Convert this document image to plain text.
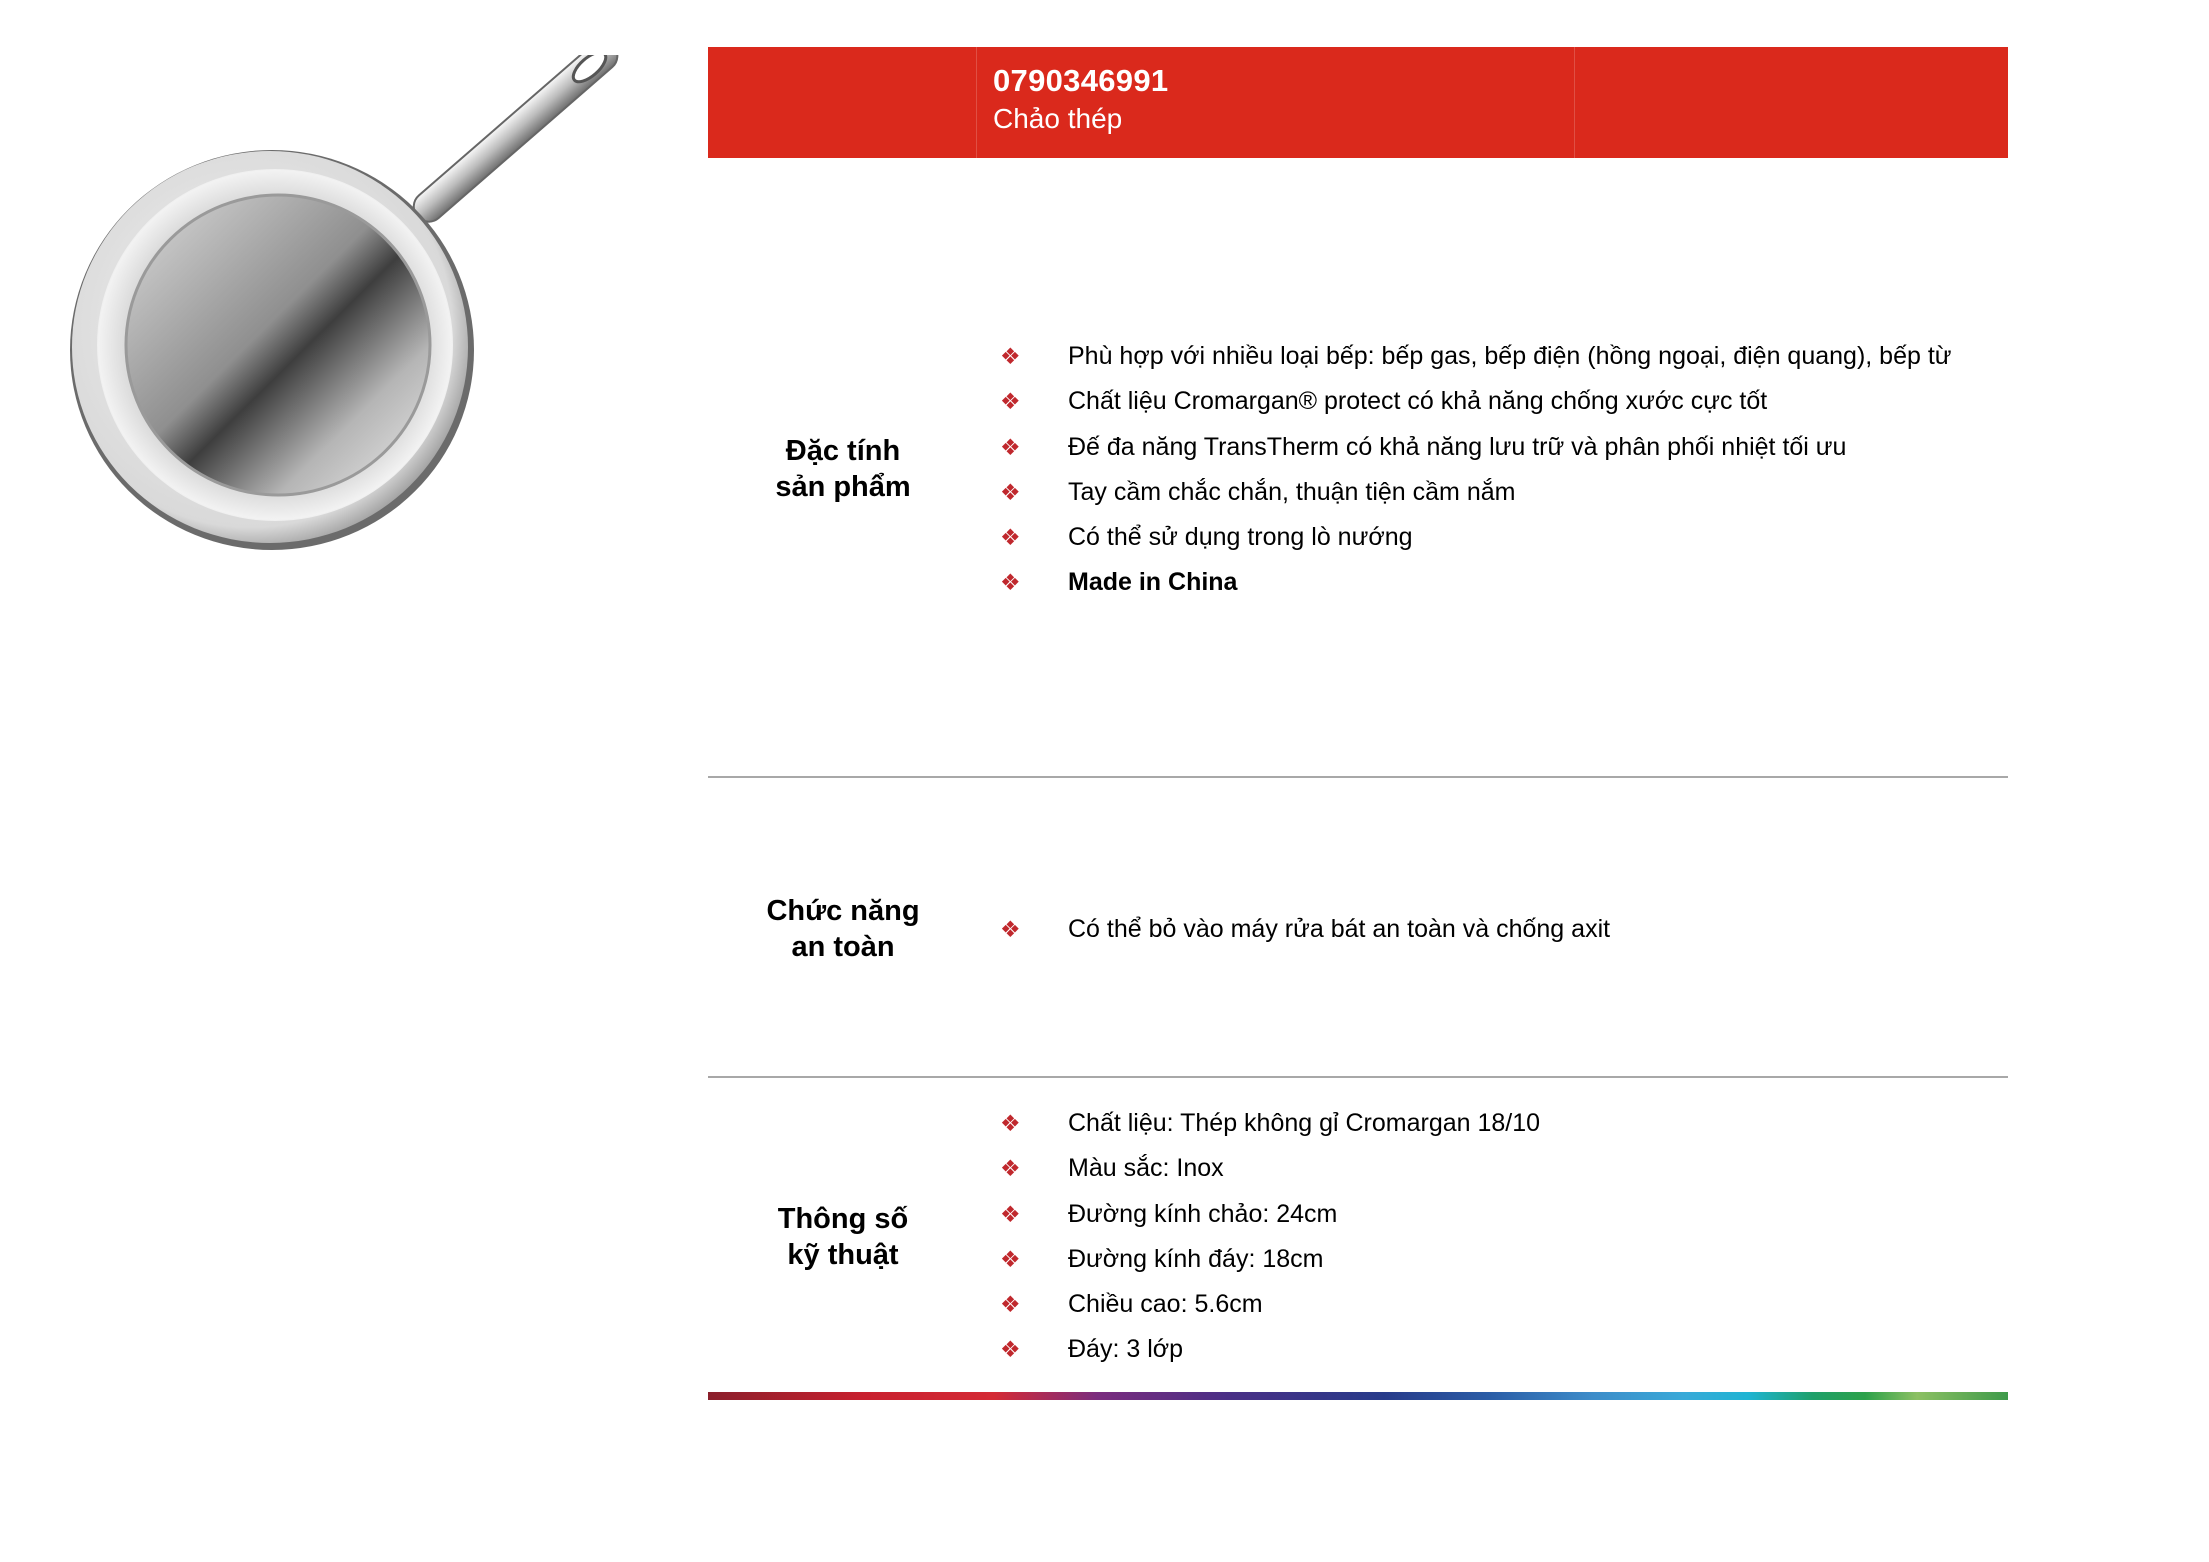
0790346991
Chảo thép
Đặc tính
sản phẩm
❖ Phù hợp với nhiều loại bếp: bếp gas, bếp điện (hồng ngoại, điện quang), bếp từ
❖ Chất liệu Cromargan® protect có khả năng chống xước cực tốt
❖ Đế đa năng TransTherm có khả năng lưu trữ và phân phối nhiệt tối ưu
❖ Tay cầm chắc chắn, thuận tiện cầm nắm
❖ Có thể sử dụng trong lò nướng
❖ Made in China
Chức năng
an toàn
❖ Có thể bỏ vào máy rửa bát an toàn và chống axit
Thông số
kỹ thuật
❖ Chất liệu: Thép không gỉ Cromargan 18/10
❖ Màu sắc: Inox
❖ Đường kính chảo: 24cm
❖ Đường kính đáy: 18cm
❖ Chiều cao: 5.6cm
❖ Đáy: 3 lớp
